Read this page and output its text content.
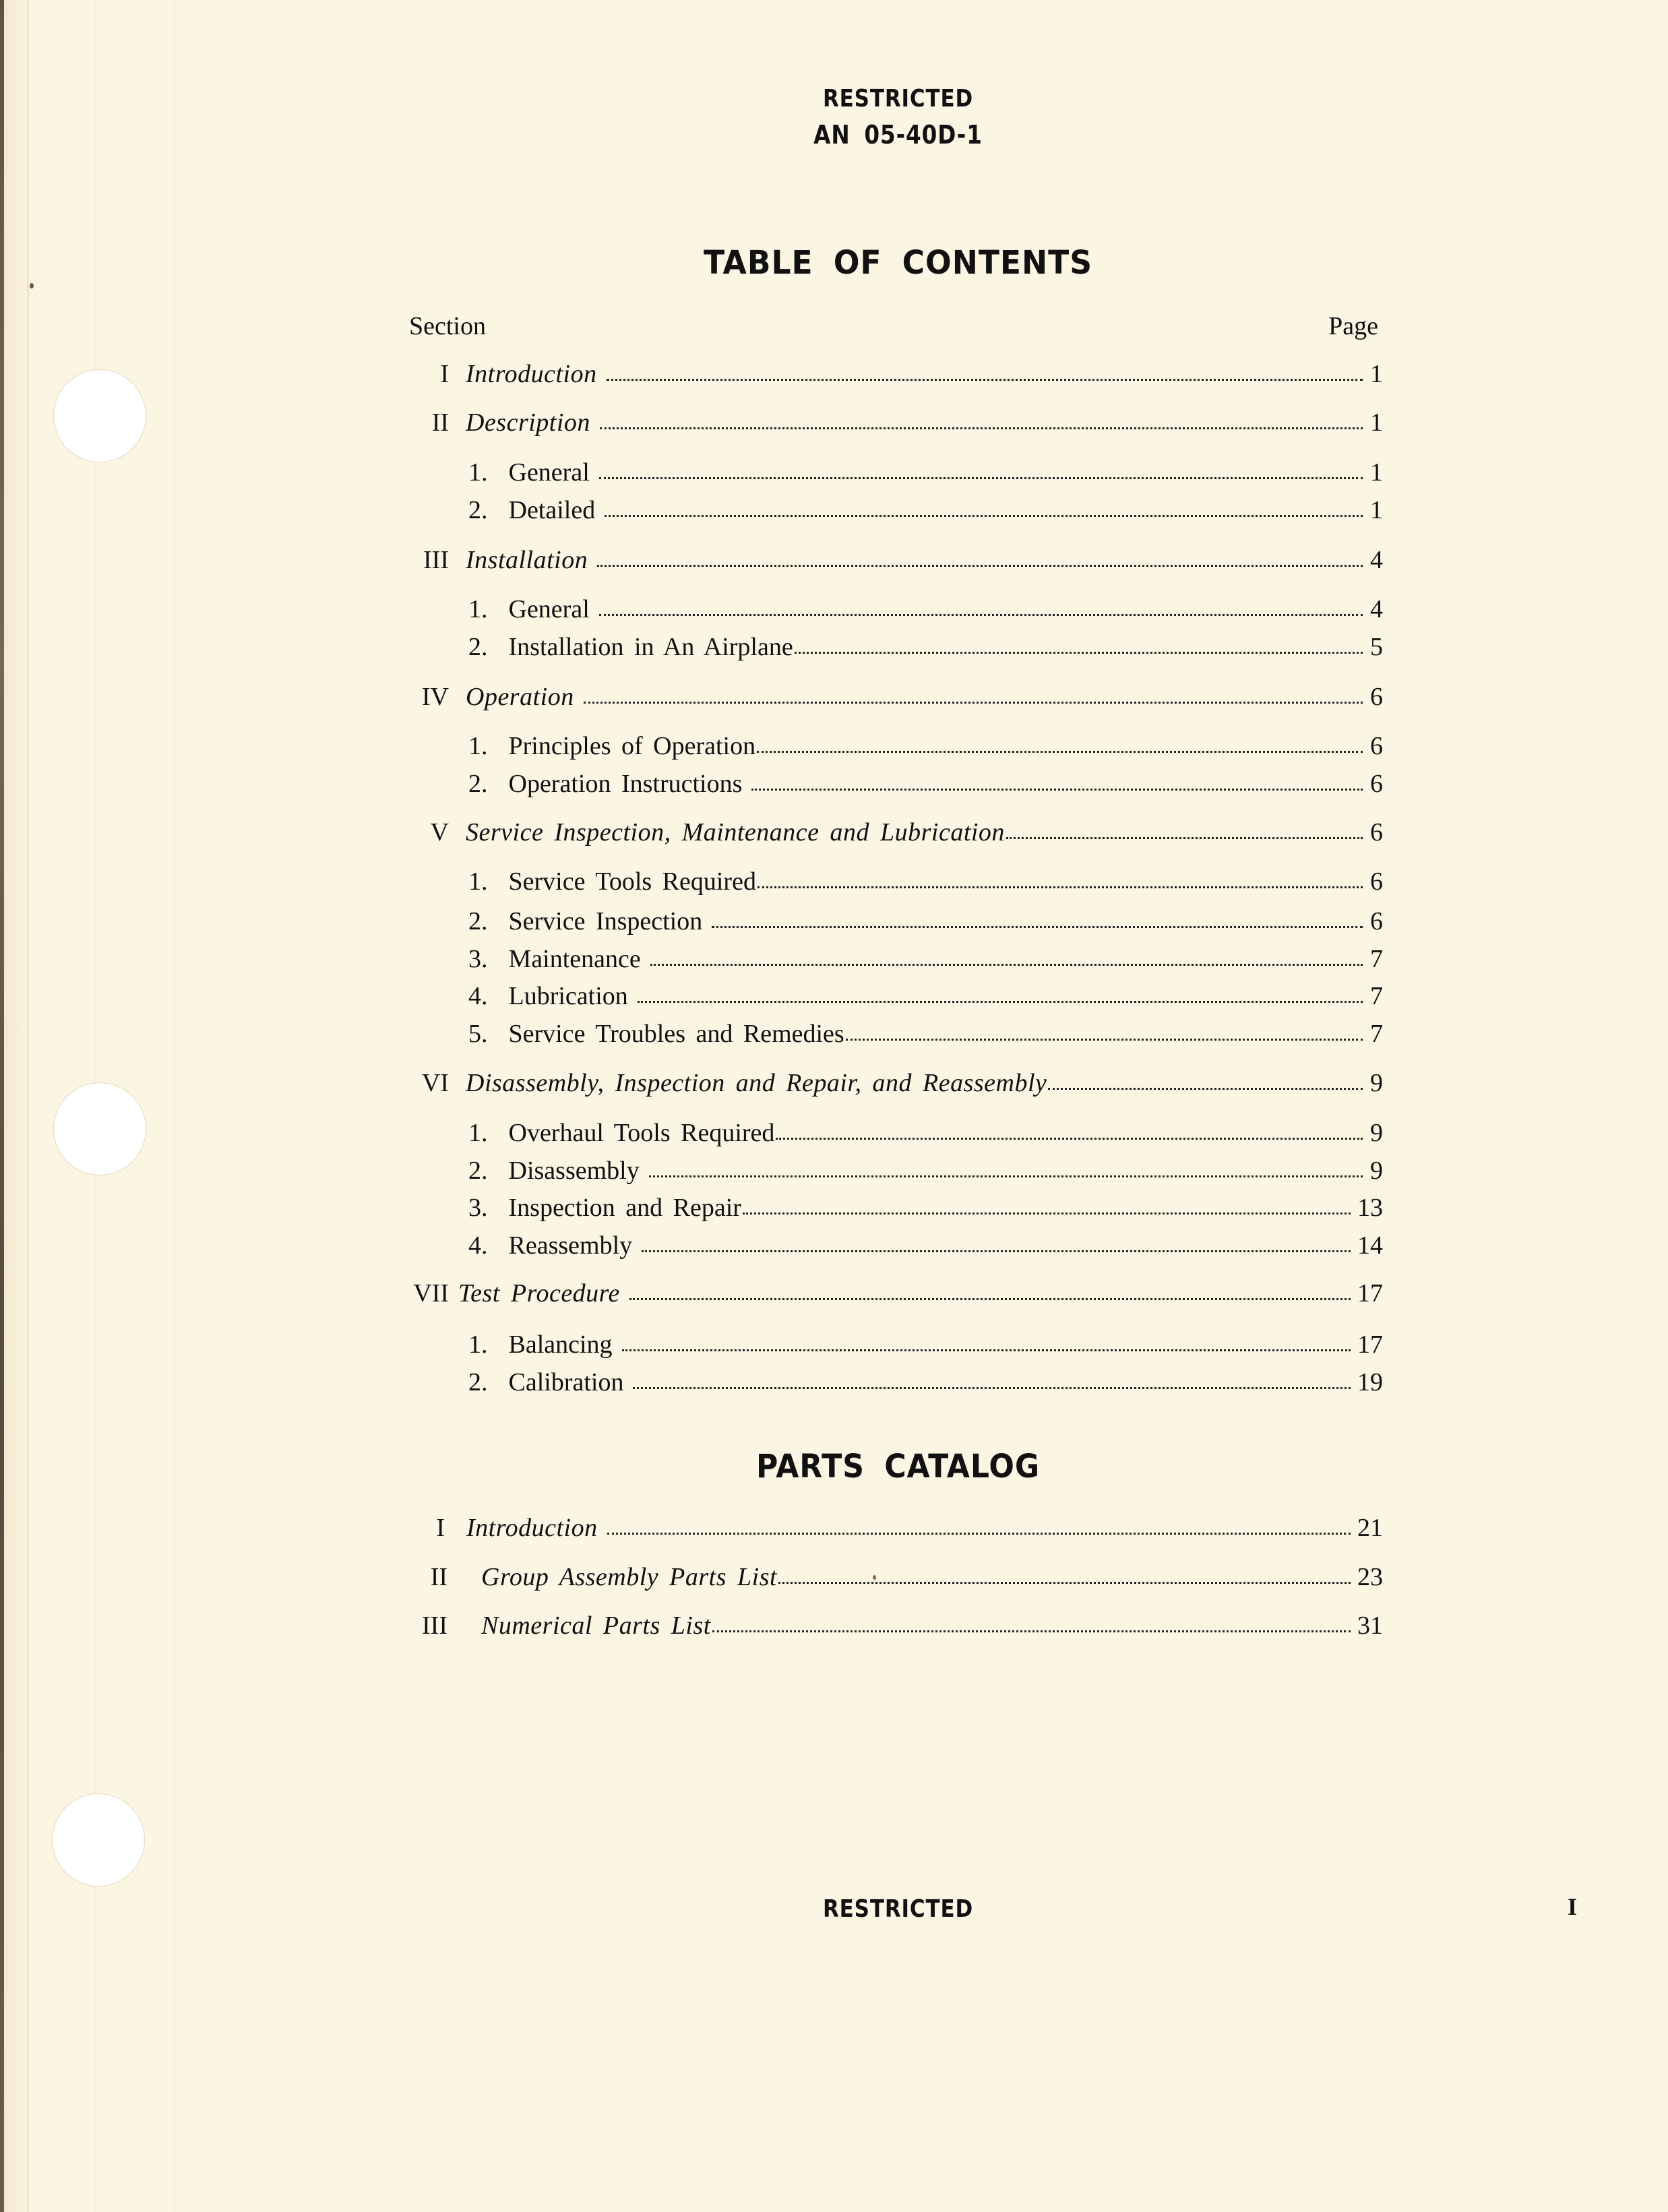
RESTRICTED
AN 05-40D-1
TABLE OF CONTENTS
Section	Page
I Introduction	1
II Description	1
1. General	1
2. Detailed	1
III Installation	4
1. General	4
2. Installation in An Airplane	5
IV Operation	6
1. Principles of Operation	6
2. Operation Instructions	6
V Service Inspection, Maintenance and Lubrication	6
1. Service Tools Required	6
2. Service Inspection	6
3. Maintenance	7
4. Lubrication	7
5. Service Troubles and Remedies	7
VI Disassembly, Inspection and Repair, and Reassembly	9
1. Overhaul Tools Required	9
2. Disassembly	9
3. Inspection and Repair	13
4. Reassembly	14
VII Test Procedure	17
1. Balancing	17
2. Calibration	19
PARTS CATALOG
I Introduction	21
II	Group Assembly Parts List	23
III	Numerical Parts List	31
RESTRICTED	I
